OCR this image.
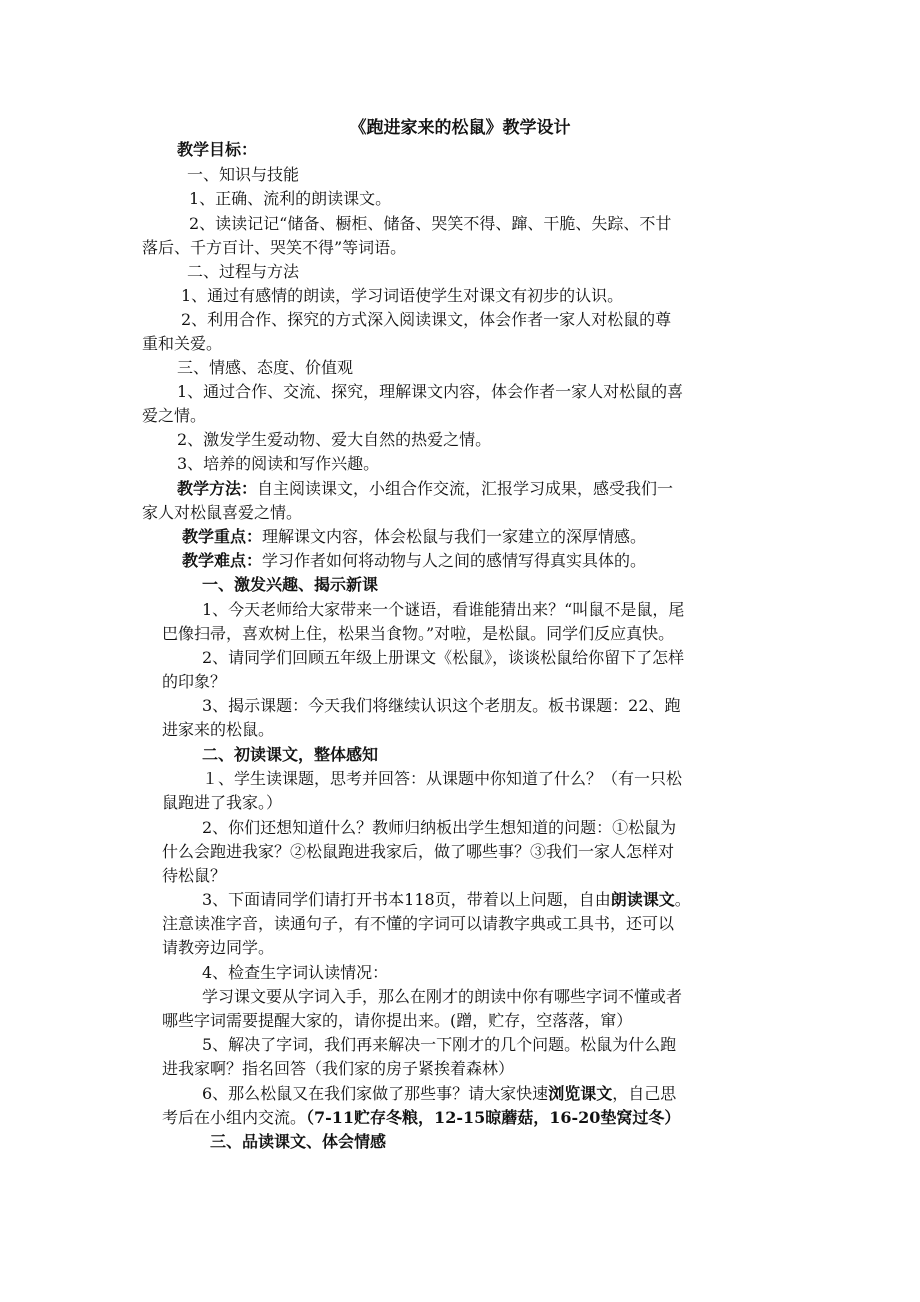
《跑进家来的松鼠》教学设计
教学目标：
一、知识与技能
1、正确、流利的朗读课文。
2、读读记记“储备、橱柜、储备、哭笑不得、蹿、干脆、失踪、不甘
落后、千方百计、哭笑不得”等词语。
二、过程与方法
1、通过有感情的朗读，学习词语使学生对课文有初步的认识。
2、利用合作、探究的方式深入阅读课文，体会作者一家人对松鼠的尊
重和关爱。
三、情感、态度、价值观
1、通过合作、交流、探究，理解课文内容，体会作者一家人对松鼠的喜
爱之情。
2、激发学生爱动物、爱大自然的热爱之情。
3、培养的阅读和写作兴趣。
教学方法：自主阅读课文，小组合作交流，汇报学习成果，感受我们一
家人对松鼠喜爱之情。
教学重点：理解课文内容，体会松鼠与我们一家建立的深厚情感。
教学难点：学习作者如何将动物与人之间的感情写得真实具体的。
一、激发兴趣、揭示新课
1、今天老师给大家带来一个谜语，看谁能猜出来？“叫鼠不是鼠，尾
巴像扫帚，喜欢树上住，松果当食物。”对啦，是松鼠。同学们反应真快。
2、请同学们回顾五年级上册课文《松鼠》，谈谈松鼠给你留下了怎样
的印象？
3、揭示课题：今天我们将继续认识这个老朋友。板书课题：22、跑
进家来的松鼠。
二、初读课文，整体感知
１、学生读课题，思考并回答：从课题中你知道了什么？（有一只松
鼠跑进了我家。）
2、你们还想知道什么？教师归纳板出学生想知道的问题：①松鼠为
什么会跑进我家？②松鼠跑进我家后，做了哪些事？③我们一家人怎样对
待松鼠？
3、下面请同学们请打开书本118页，带着以上问题，自由朗读课文。
注意读准字音，读通句子，有不懂的字词可以请教字典或工具书，还可以
请教旁边同学。
4、检查生字词认读情况：
学习课文要从字词入手，那么在刚才的朗读中你有哪些字词不懂或者
哪些字词需要提醒大家的，请你提出来。(蹭，贮存，空落落，窜）
5、解决了字词，我们再来解决一下刚才的几个问题。松鼠为什么跑
进我家啊？指名回答（我们家的房子紧挨着森林）
6、那么松鼠又在我们家做了那些事？请大家快速浏览课文，自己思
考后在小组内交流。（7-11贮存冬粮，12-15晾蘑菇，16-20垫窝过冬）
三、品读课文、体会情感
